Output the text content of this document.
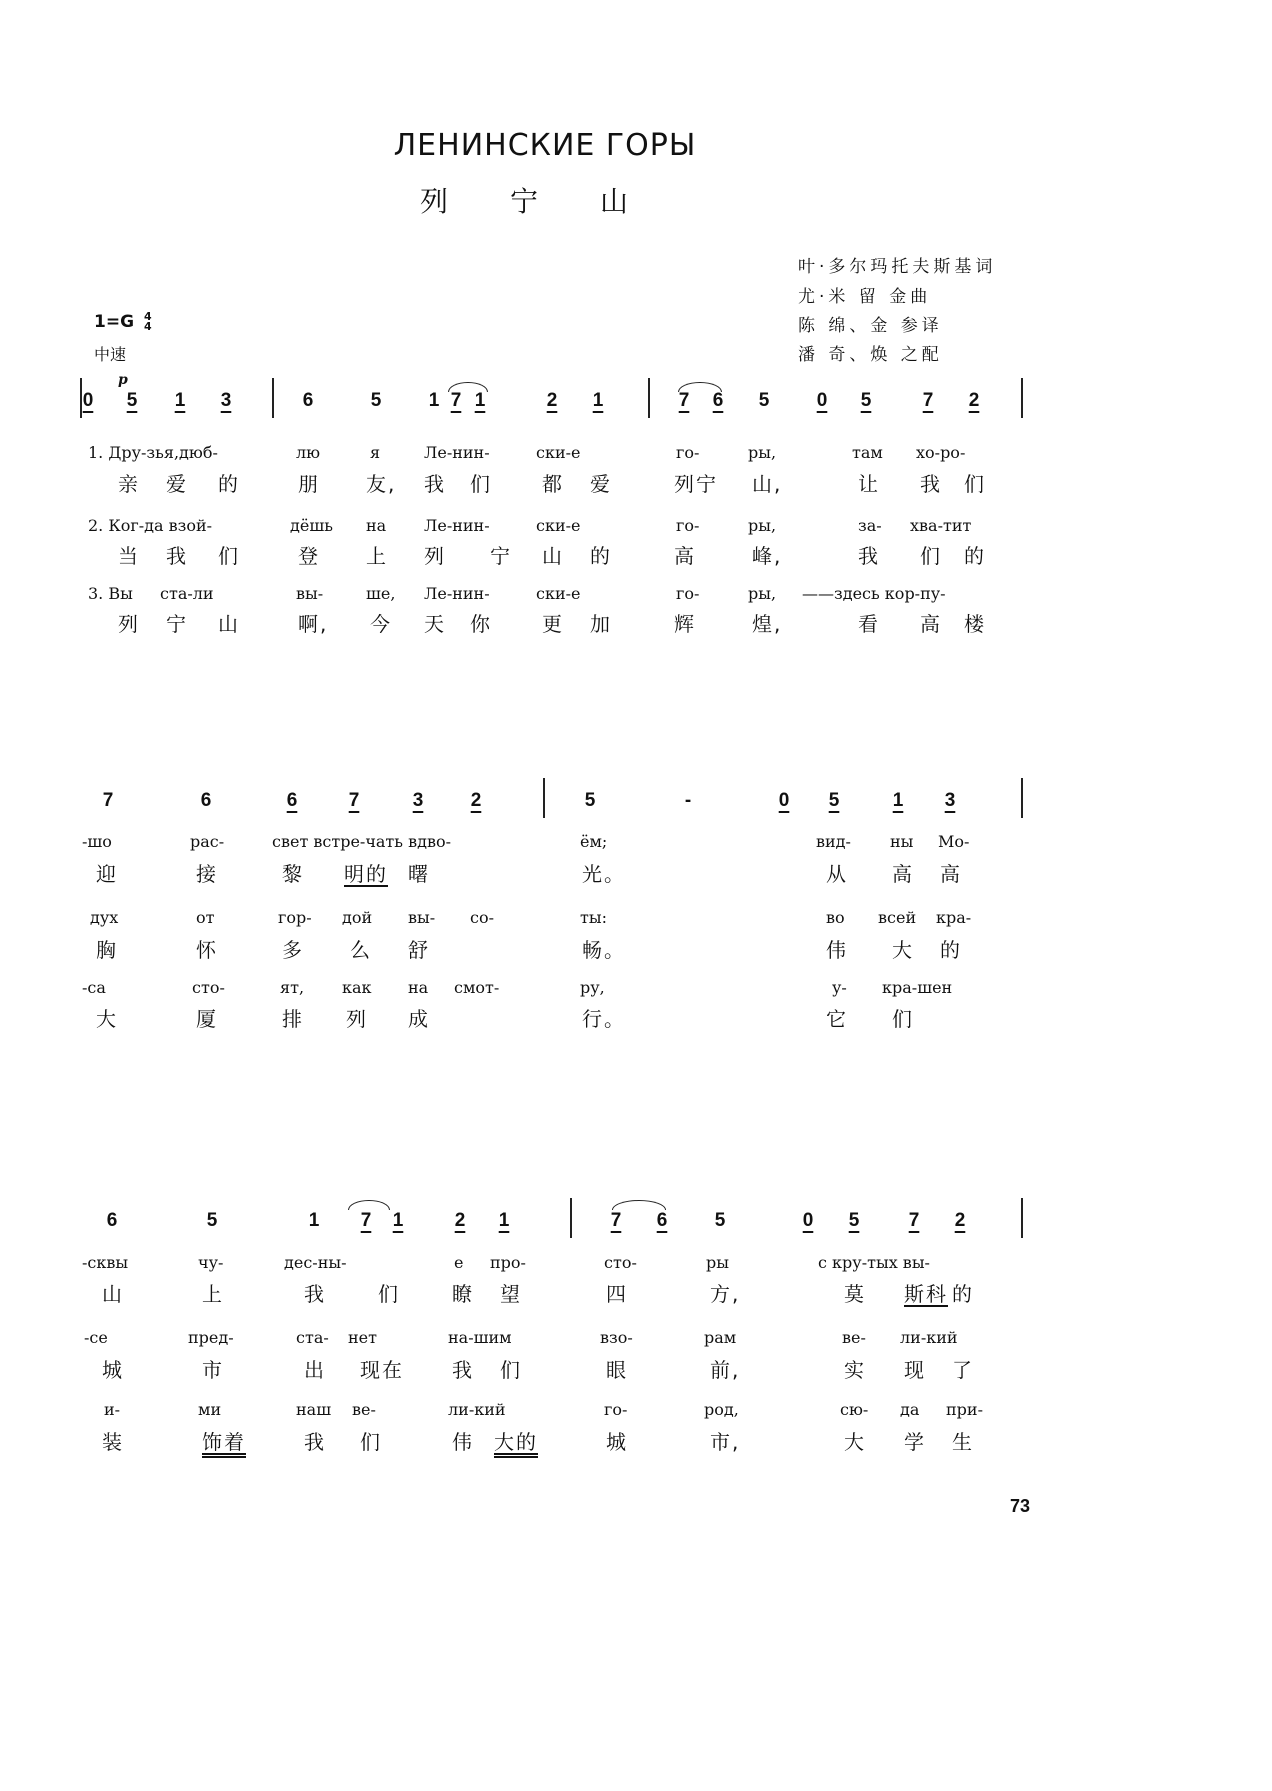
ЛЕНИНСКИЕ ГОРЫ
列宁山
叶·多尔玛托夫斯基词
尤·米 留 金曲
陈 绵、金 参译
潘 奇、焕 之配
1=G 4
4
中速
p
0 5 1 3	6	5 1 7 1	2 1	7 6 5 0 5	7 2
1. Дру-зья,дюб-	лю	я	Ле-нин-	ски-е	го-	ры,	там хо-ро-
亲 爱 的	朋 友, 我 们	都 爱	列宁 山,	让 我 们
2. Ког-да взой-	дёшь на Ле-нин-	ски-е	го-	ры,	за- хва-тит
当 我 们	登 上 列 宁 山 的	高	峰,	我 们 的
3. Вы ста-ли	вы-	ше, Ле-нин-	ски-е	го-	ры, ——здесь кор-пу-
列 宁 山	啊, 今 天 你	更 加	辉	煌,	看 高 楼
7	6	6	7	3 2	5	-	0 5	1 3
-шо	рас-	свет встре-чать вдво-	ём;	вид- ны Мо-
迎	接	黎 明的 曙	光。	从 高 高
дух	от	гор- дой вы- со-	ты:	во всей кра-
胸	怀	多 么 舒	畅。	伟 大 的
-са	сто-	ят, как на смот-	ру,	у- кра-шен
大	厦	排 列 成	行。	它 们
6	5	1 7 1	2 1	7 6 5	0 5	7 2
-сквы	чу-	дес-ны-	е про-	сто-	ры	с кру-тых вы-
山	上	我	们	瞭 望	四	方,	莫 斯科 的
-се	пред-	ста- нет	на-шим	взо-	рам	ве- ли-кий
城	市	出 现在 我 们	眼	前,	实 现 了
и-	ми	наш ве-	ли-кий	го-	род,	сю- да при-
装	饰着	我 们	伟 大的	城	市,	大 学 生
73
